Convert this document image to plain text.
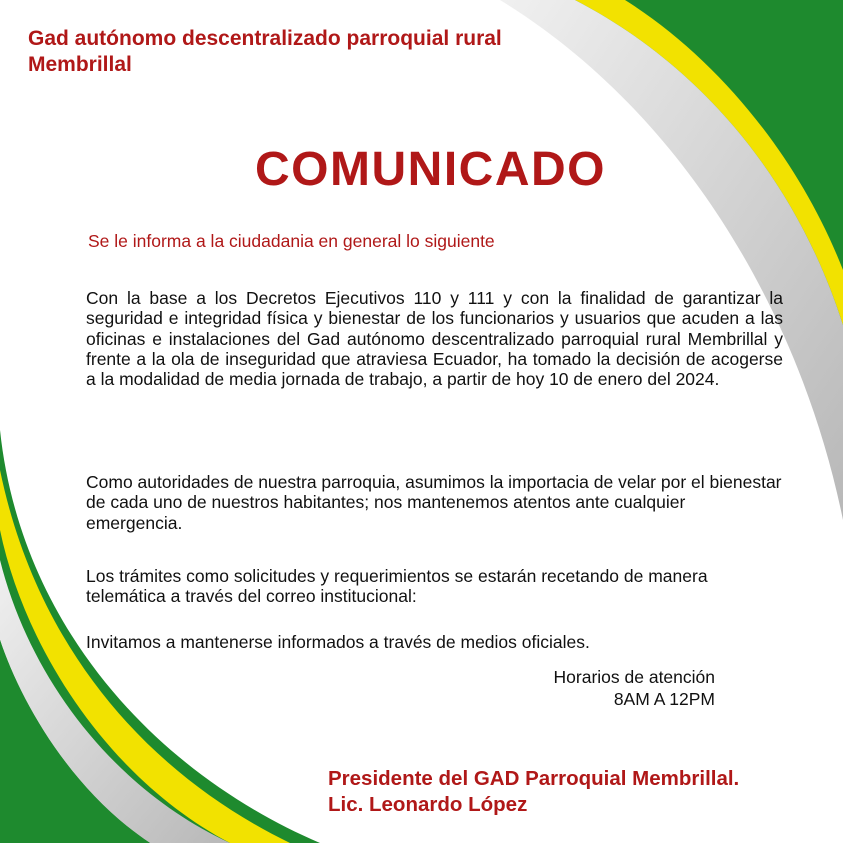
Gad autónomo descentralizado parroquial rural Membrillal
COMUNICADO

Se le informa a la ciudadania en general lo siguiente

Con la base a los Decretos Ejecutivos 110 y 111 y con la finalidad de garantizar la seguridad e integridad física y bienestar de los funcionarios y usuarios que acuden a las oficinas e instalaciones del Gad autónomo descentralizado parroquial rural Membrillal y frente a la ola de inseguridad que atraviesa Ecuador, ha tomado la decisión de acogerse a la modalidad de media jornada de trabajo, a partir de hoy 10 de enero del 2024.

Como autoridades de nuestra parroquia, asumimos la importacia de velar por el bienestar de cada uno de nuestros habitantes; nos mantenemos atentos ante cualquier emergencia.

Los trámites como solicitudes y requerimientos se estarán recetando de manera telemática a través del correo institucional:

Invitamos a mantenerse informados a través de medios oficiales.

Horarios de atención
8AM A 12PM
Presidente del GAD Parroquial Membrillal.
Lic. Leonardo López
